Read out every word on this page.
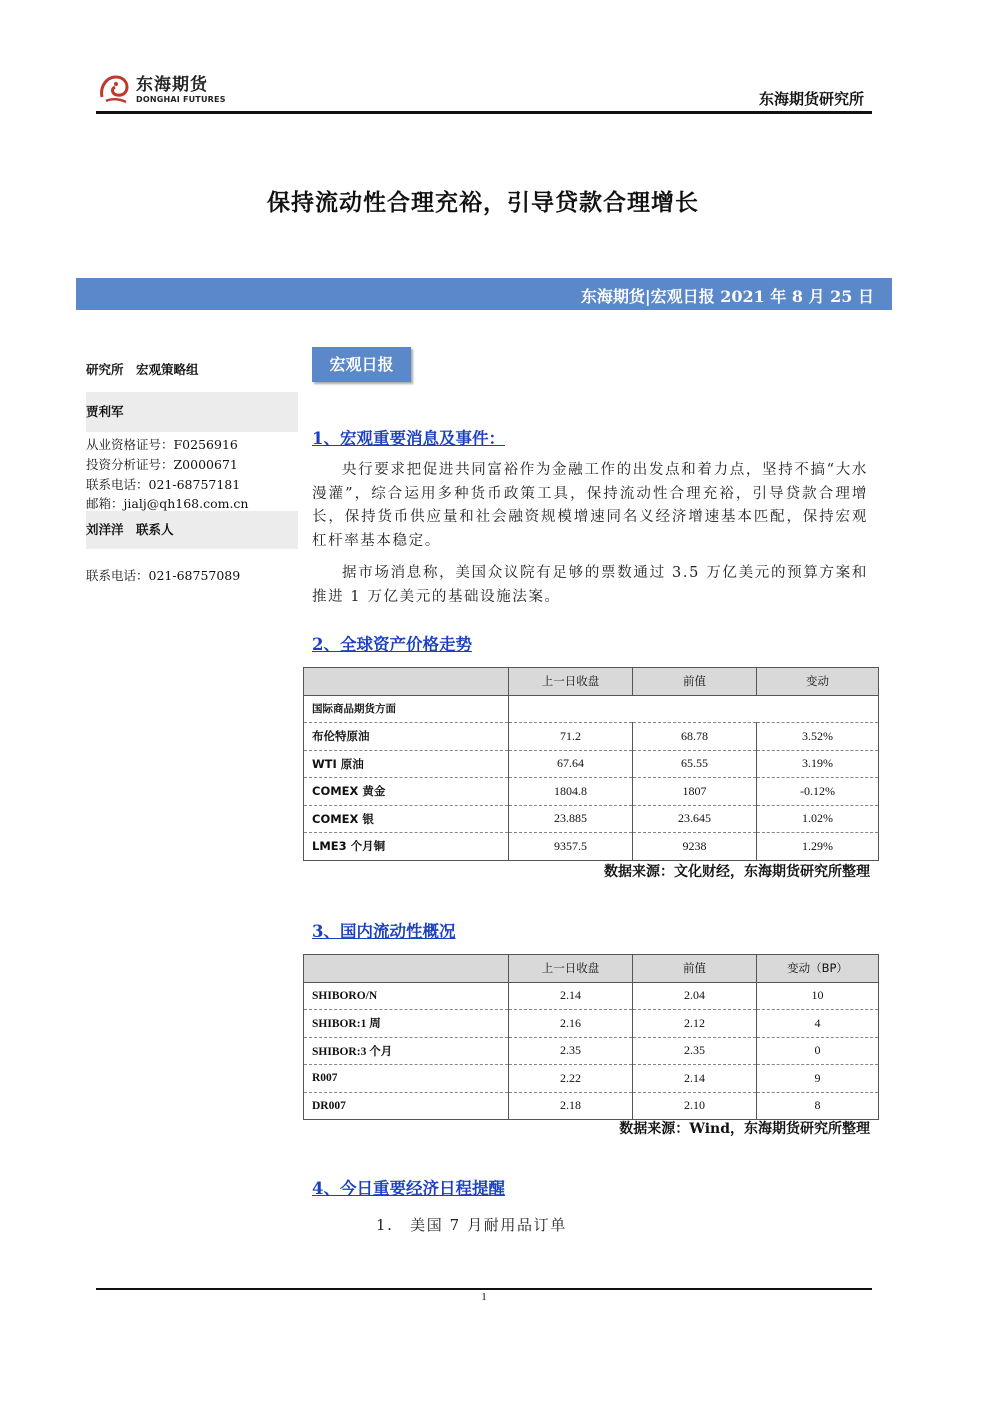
东海期货
DONGHAI FUTURES	东海期货研究所
保持流动性合理充裕，引导贷款合理增长
东海期货|宏观日报 2021 年 8 月 25 日
研究所　宏观策略组
贾利军
从业资格证号：F0256916
投资分析证号：Z0000671
联系电话：021-68757181
邮箱：jialj@qh168.com.cn
刘洋洋　联系人
联系电话：021-68757089
宏观日报
1、宏观重要消息及事件：
央行要求把促进共同富裕作为金融工作的出发点和着力点，坚持不搞“大水漫灌”，综合运用多种货币政策工具，保持流动性合理充裕，引导贷款合理增长，保持货币供应量和社会融资规模增速同名义经济增速基本匹配，保持宏观杠杆率基本稳定。
据市场消息称，美国众议院有足够的票数通过 3.5 万亿美元的预算方案和推进 1 万亿美元的基础设施法案。
2、全球资产价格走势
	上一日收盘	前值	变动
国际商品期货方面			
布伦特原油	71.2	68.78	3.52%
WTI 原油	67.64	65.55	3.19%
COMEX 黄金	1804.8	1807	-0.12%
COMEX 银	23.885	23.645	1.02%
LME3 个月铜	9357.5	9238	1.29%
数据来源：文化财经，东海期货研究所整理
3、国内流动性概况
	上一日收盘	前值	变动（BP）
SHIBORO/N	2.14	2.04	10
SHIBOR:1 周	2.16	2.12	4
SHIBOR:3 个月	2.35	2.35	0
R007	2.22	2.14	9
DR007	2.18	2.10	8
数据来源：Wind，东海期货研究所整理
4、今日重要经济日程提醒
1.　美国 7 月耐用品订单
1
